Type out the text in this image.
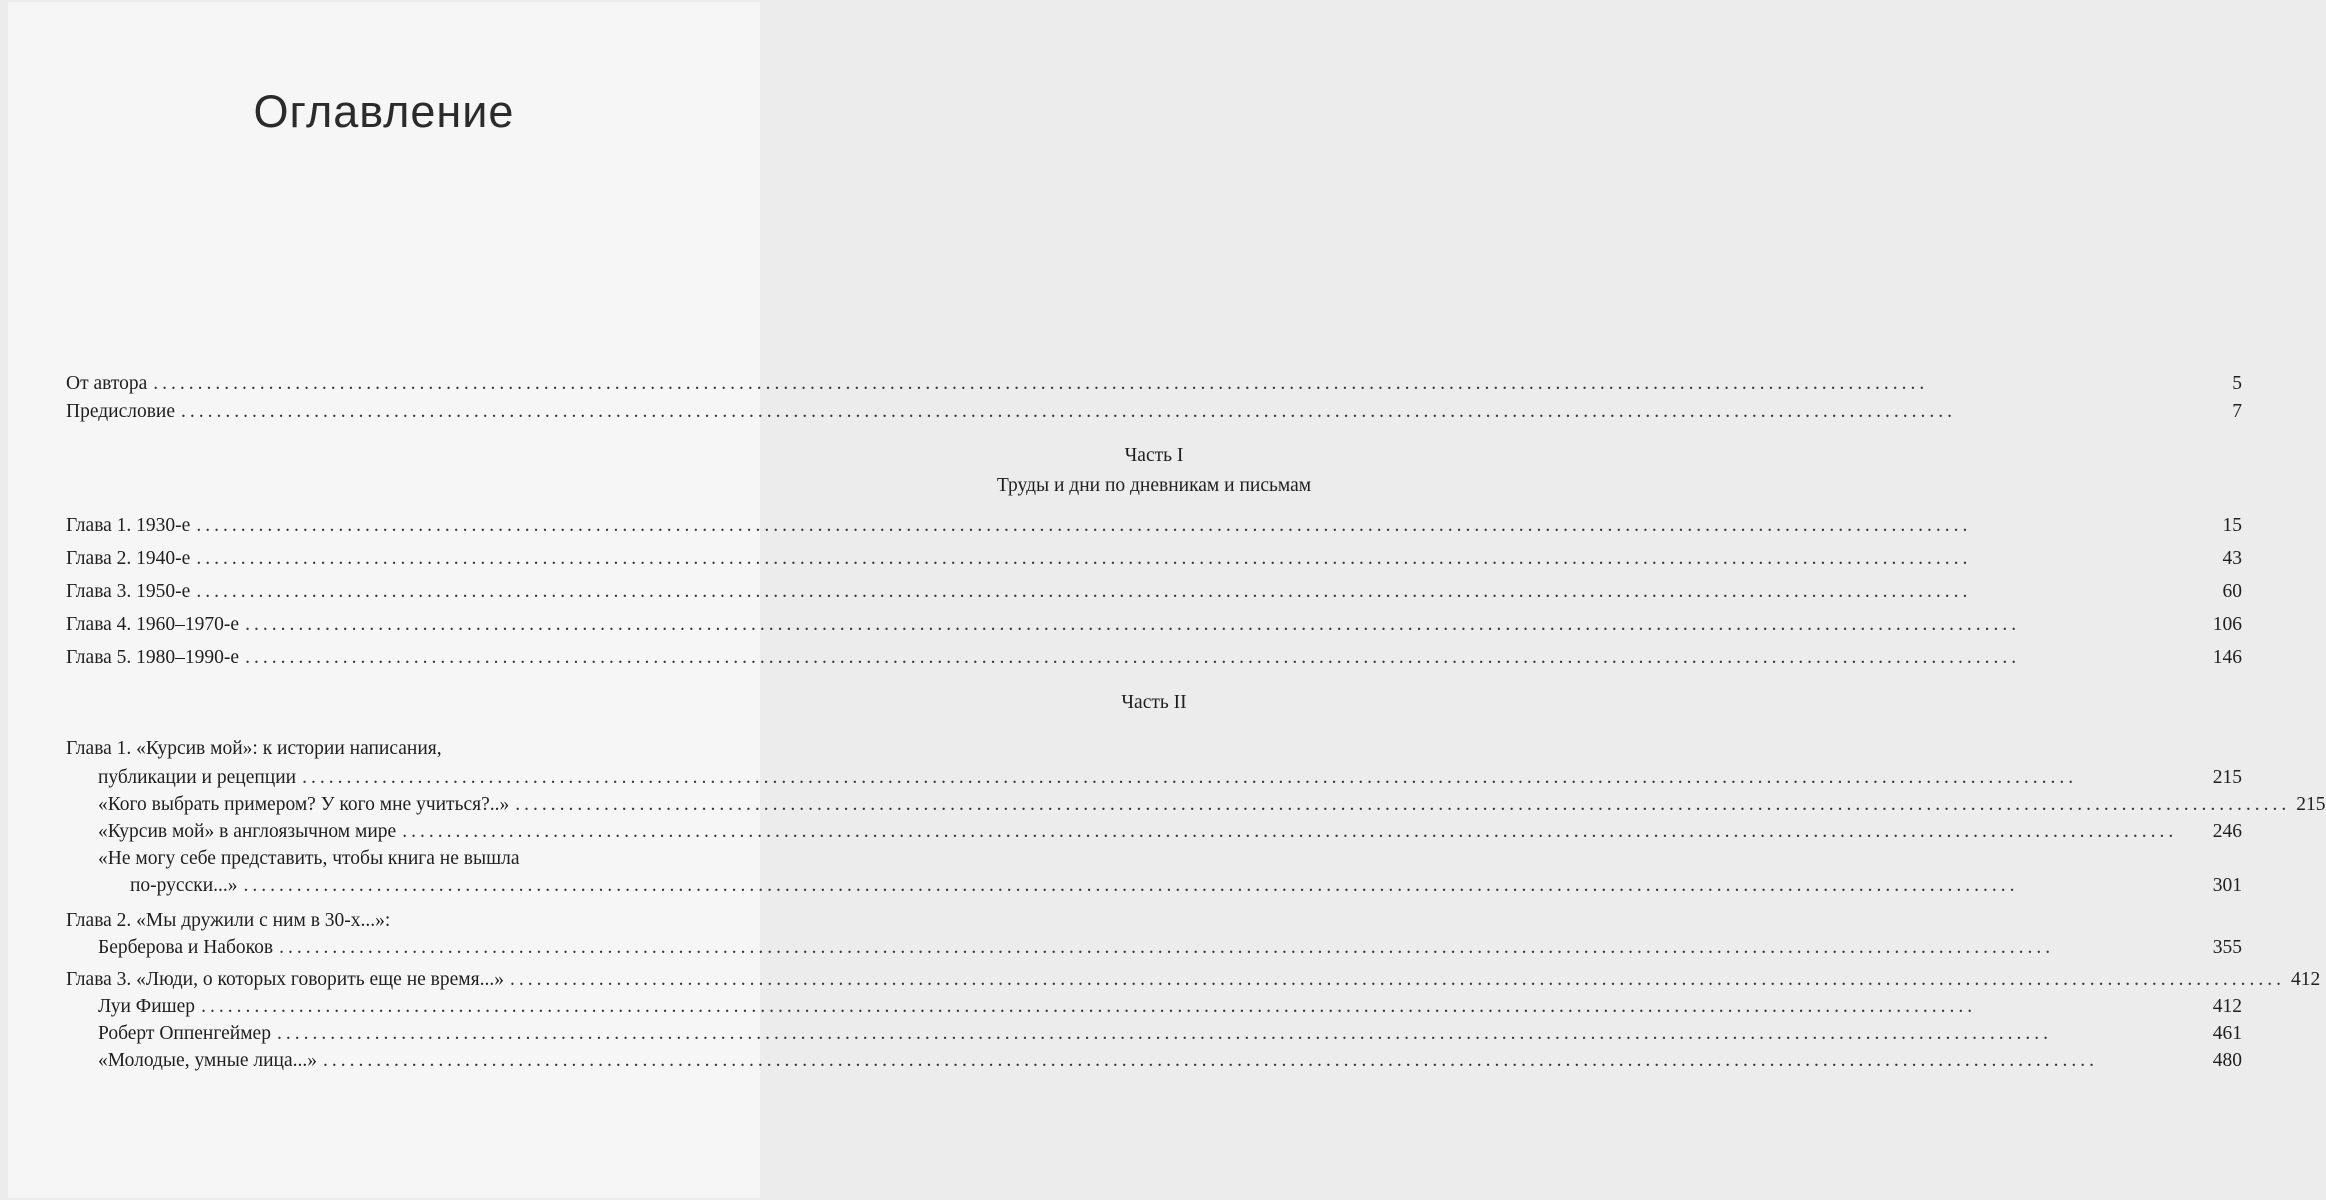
Оглавление
От автора ........................................................................................................................................................................................................	5
Предисловие ........................................................................................................................................................................................................	7
Часть I
Труды и дни по дневникам и письмам
Глава 1. 1930-е ........................................................................................................................................................................................................	15
Глава 2. 1940-е ........................................................................................................................................................................................................	43
Глава 3. 1950-е ........................................................................................................................................................................................................	60
Глава 4. 1960–1970-е ........................................................................................................................................................................................................	106
Глава 5. 1980–1990-е ........................................................................................................................................................................................................	146
Часть II
Глава 1. «Курсив мой»: к истории написания,
публикации и рецепции ........................................................................................................................................................................................................	215
«Кого выбрать примером? У кого мне учиться?..» ........................................................................................................................................................................................................ 215
«Курсив мой» в англоязычном мире ........................................................................................................................................................................................................	246
«Не могу себе представить, чтобы книга не вышла
по-русски...» ........................................................................................................................................................................................................	301
Глава 2. «Мы дружили с ним в 30-х...»:
Берберова и Набоков ........................................................................................................................................................................................................	355
Глава 3. «Люди, о которых говорить еще не время...» ........................................................................................................................................................................................................ 412
Луи Фишер ........................................................................................................................................................................................................	412
Роберт Оппенгеймер ........................................................................................................................................................................................................	461
«Молодые, умные лица...» ........................................................................................................................................................................................................	480
